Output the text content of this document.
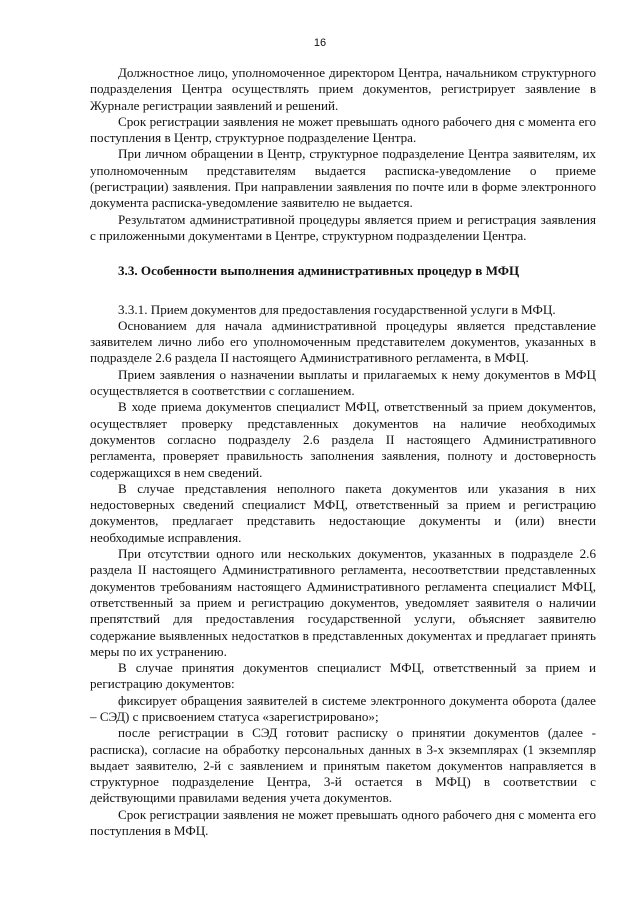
16

Должностное лицо, уполномоченное директором Центра, начальником структурного подразделения Центра осуществлять прием документов, регистрирует заявление в Журнале регистрации заявлений и решений.

Срок регистрации заявления не может превышать одного рабочего дня с момента его поступления в Центр, структурное подразделение Центра.

При личном обращении в Центр, структурное подразделение Центра заявителям, их уполномоченным представителям выдается расписка-уведомление о приеме (регистрации) заявления. При направлении заявления по почте или в форме электронного документа расписка-уведомление заявителю не выдается.

Результатом административной процедуры является прием и регистрация заявления с приложенными документами в Центре, структурном подразделении Центра.

3.3. Особенности выполнения административных процедур в МФЦ

3.3.1. Прием документов для предоставления государственной услуги в МФЦ.

Основанием для начала административной процедуры является представление заявителем лично либо его уполномоченным представителем документов, указанных в подразделе 2.6 раздела II настоящего Административного регламента, в МФЦ.

Прием заявления о назначении выплаты и прилагаемых к нему документов в МФЦ осуществляется в соответствии с соглашением.

В ходе приема документов специалист МФЦ, ответственный за прием документов, осуществляет проверку представленных документов на наличие необходимых документов согласно подразделу 2.6 раздела II настоящего Административного регламента, проверяет правильность заполнения заявления, полноту и достоверность содержащихся в нем сведений.

В случае представления неполного пакета документов или указания в них недостоверных сведений специалист МФЦ, ответственный за прием и регистрацию документов, предлагает представить недостающие документы и (или) внести необходимые исправления.

При отсутствии одного или нескольких документов, указанных в подразделе 2.6 раздела II настоящего Административного регламента, несоответствии представленных документов требованиям настоящего Административного регламента специалист МФЦ, ответственный за прием и регистрацию документов, уведомляет заявителя о наличии препятствий для предоставления государственной услуги, объясняет заявителю содержание выявленных недостатков в представленных документах и предлагает принять меры по их устранению.

В случае принятия документов специалист МФЦ, ответственный за прием и регистрацию документов:

фиксирует обращения заявителей в системе электронного документа оборота (далее – СЭД) с присвоением статуса «зарегистрировано»;

после регистрации в СЭД готовит расписку о принятии документов (далее - расписка), согласие на обработку персональных данных в 3-х экземплярах (1 экземпляр выдает заявителю, 2-й с заявлением и принятым пакетом документов направляется в структурное подразделение Центра, 3-й остается в МФЦ) в соответствии с действующими правилами ведения учета документов.

Срок регистрации заявления не может превышать одного рабочего дня с момента его поступления в МФЦ.
